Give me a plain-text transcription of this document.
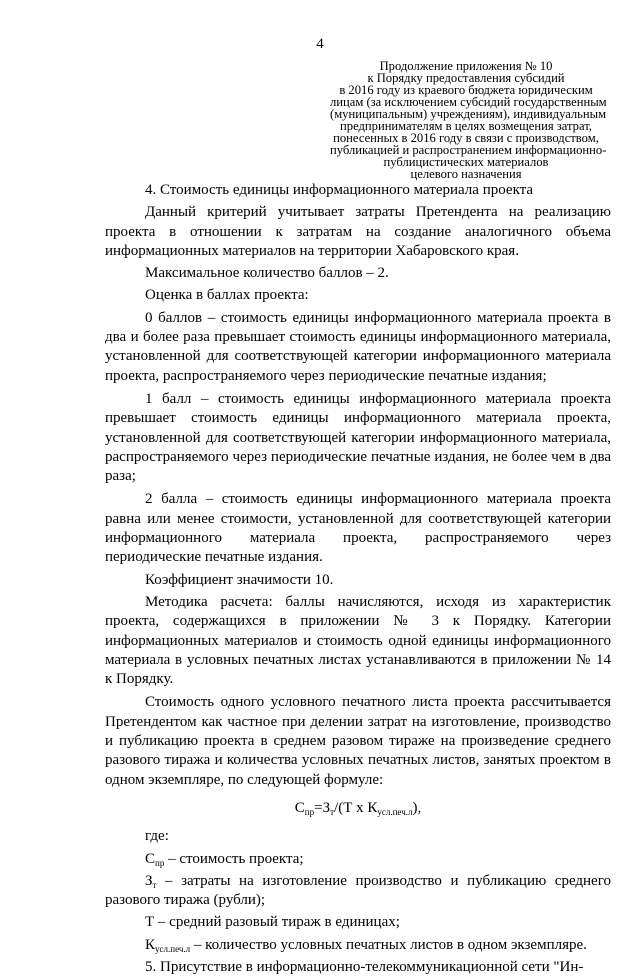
4
Продолжение приложения № 10
к Порядку предоставления субсидий
в 2016 году из краевого бюджета юридическим
лицам (за исключением субсидий государственным
(муниципальным) учреждениям), индивидуальным
предпринимателям в целях возмещения затрат,
понесенных в 2016 году в связи с производством,
публикацией и распространением информационно-
публицистических материалов
целевого назначения

4. Стоимость единицы информационного материала проекта

Данный критерий учитывает затраты Претендента на реализацию проекта в отношении к затратам на создание аналогичного объема информационных материалов на территории Хабаровского края.

Максимальное количество баллов – 2.

Оценка в баллах проекта:

0 баллов – стоимость единицы информационного материала проекта в два и более раза превышает стоимость единицы информационного материала, установленной для соответствующей категории информационного материала проекта, распространяемого через периодические печатные издания;

1 балл – стоимость единицы информационного материала проекта превышает стоимость единицы информационного материала проекта, установленной для соответствующей категории информационного материала, распространяемого через периодические печатные издания, не более чем в два раза;

2 балла – стоимость единицы информационного материала проекта равна или менее стоимости, установленной для соответствующей категории информационного материала проекта, распространяемого через периодические печатные издания.

Коэффициент значимости 10.

Методика расчета: баллы начисляются, исходя из характеристик проекта, содержащихся в приложении № 3 к Порядку. Категории информационных материалов и стоимость одной единицы информационного материала в условных печатных листах устанавливаются в приложении № 14 к Порядку.

Стоимость одного условного печатного листа проекта рассчитывается Претендентом как частное при делении затрат на изготовление, производство и публикацию проекта в среднем разовом тираже на произведение среднего разового тиража и количества условных печатных листов, занятых проектом в одном экземпляре, по следующей формуле:

$С_{пр}=З_т/(Т$ х $К_{усл.печ.л}$),

где:

$С_{пр}$ – стоимость проекта;

$З_т$ – затраты на изготовление производство и публикацию среднего разового тиража (рубли);

Т – средний разовый тираж в единицах;

$К_{усл.печ.л}$ – количество условных печатных листов в одном экземпляре.

5. Присутствие в информационно-телекоммуникационной сети "Ин-
